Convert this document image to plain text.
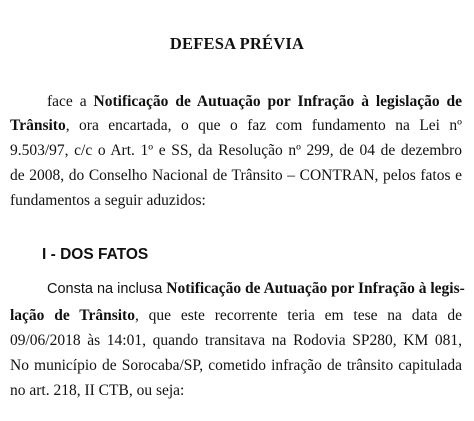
DEFESA PRÉVIA
face a Notificação de Autuação por Infração à legislação de
Trânsito, ora encartada, o que o faz com fundamento na Lei nº
9.503/97, c/c o Art. 1º e SS, da Resolução nº 299, de 04 de dezembro
de 2008, do Conselho Nacional de Trânsito – CONTRAN, pelos fatos e
fundamentos a seguir aduzidos:
I - DOS FATOS
Consta na inclusa Notificação de Autuação por Infração à legis-
lação de Trânsito, que este recorrente teria em tese na data de
09/06/2018 às 14:01, quando transitava na Rodovia SP280, KM 081,
No município de Sorocaba/SP, cometido infração de trânsito capitulada
no art. 218, II CTB, ou seja:
